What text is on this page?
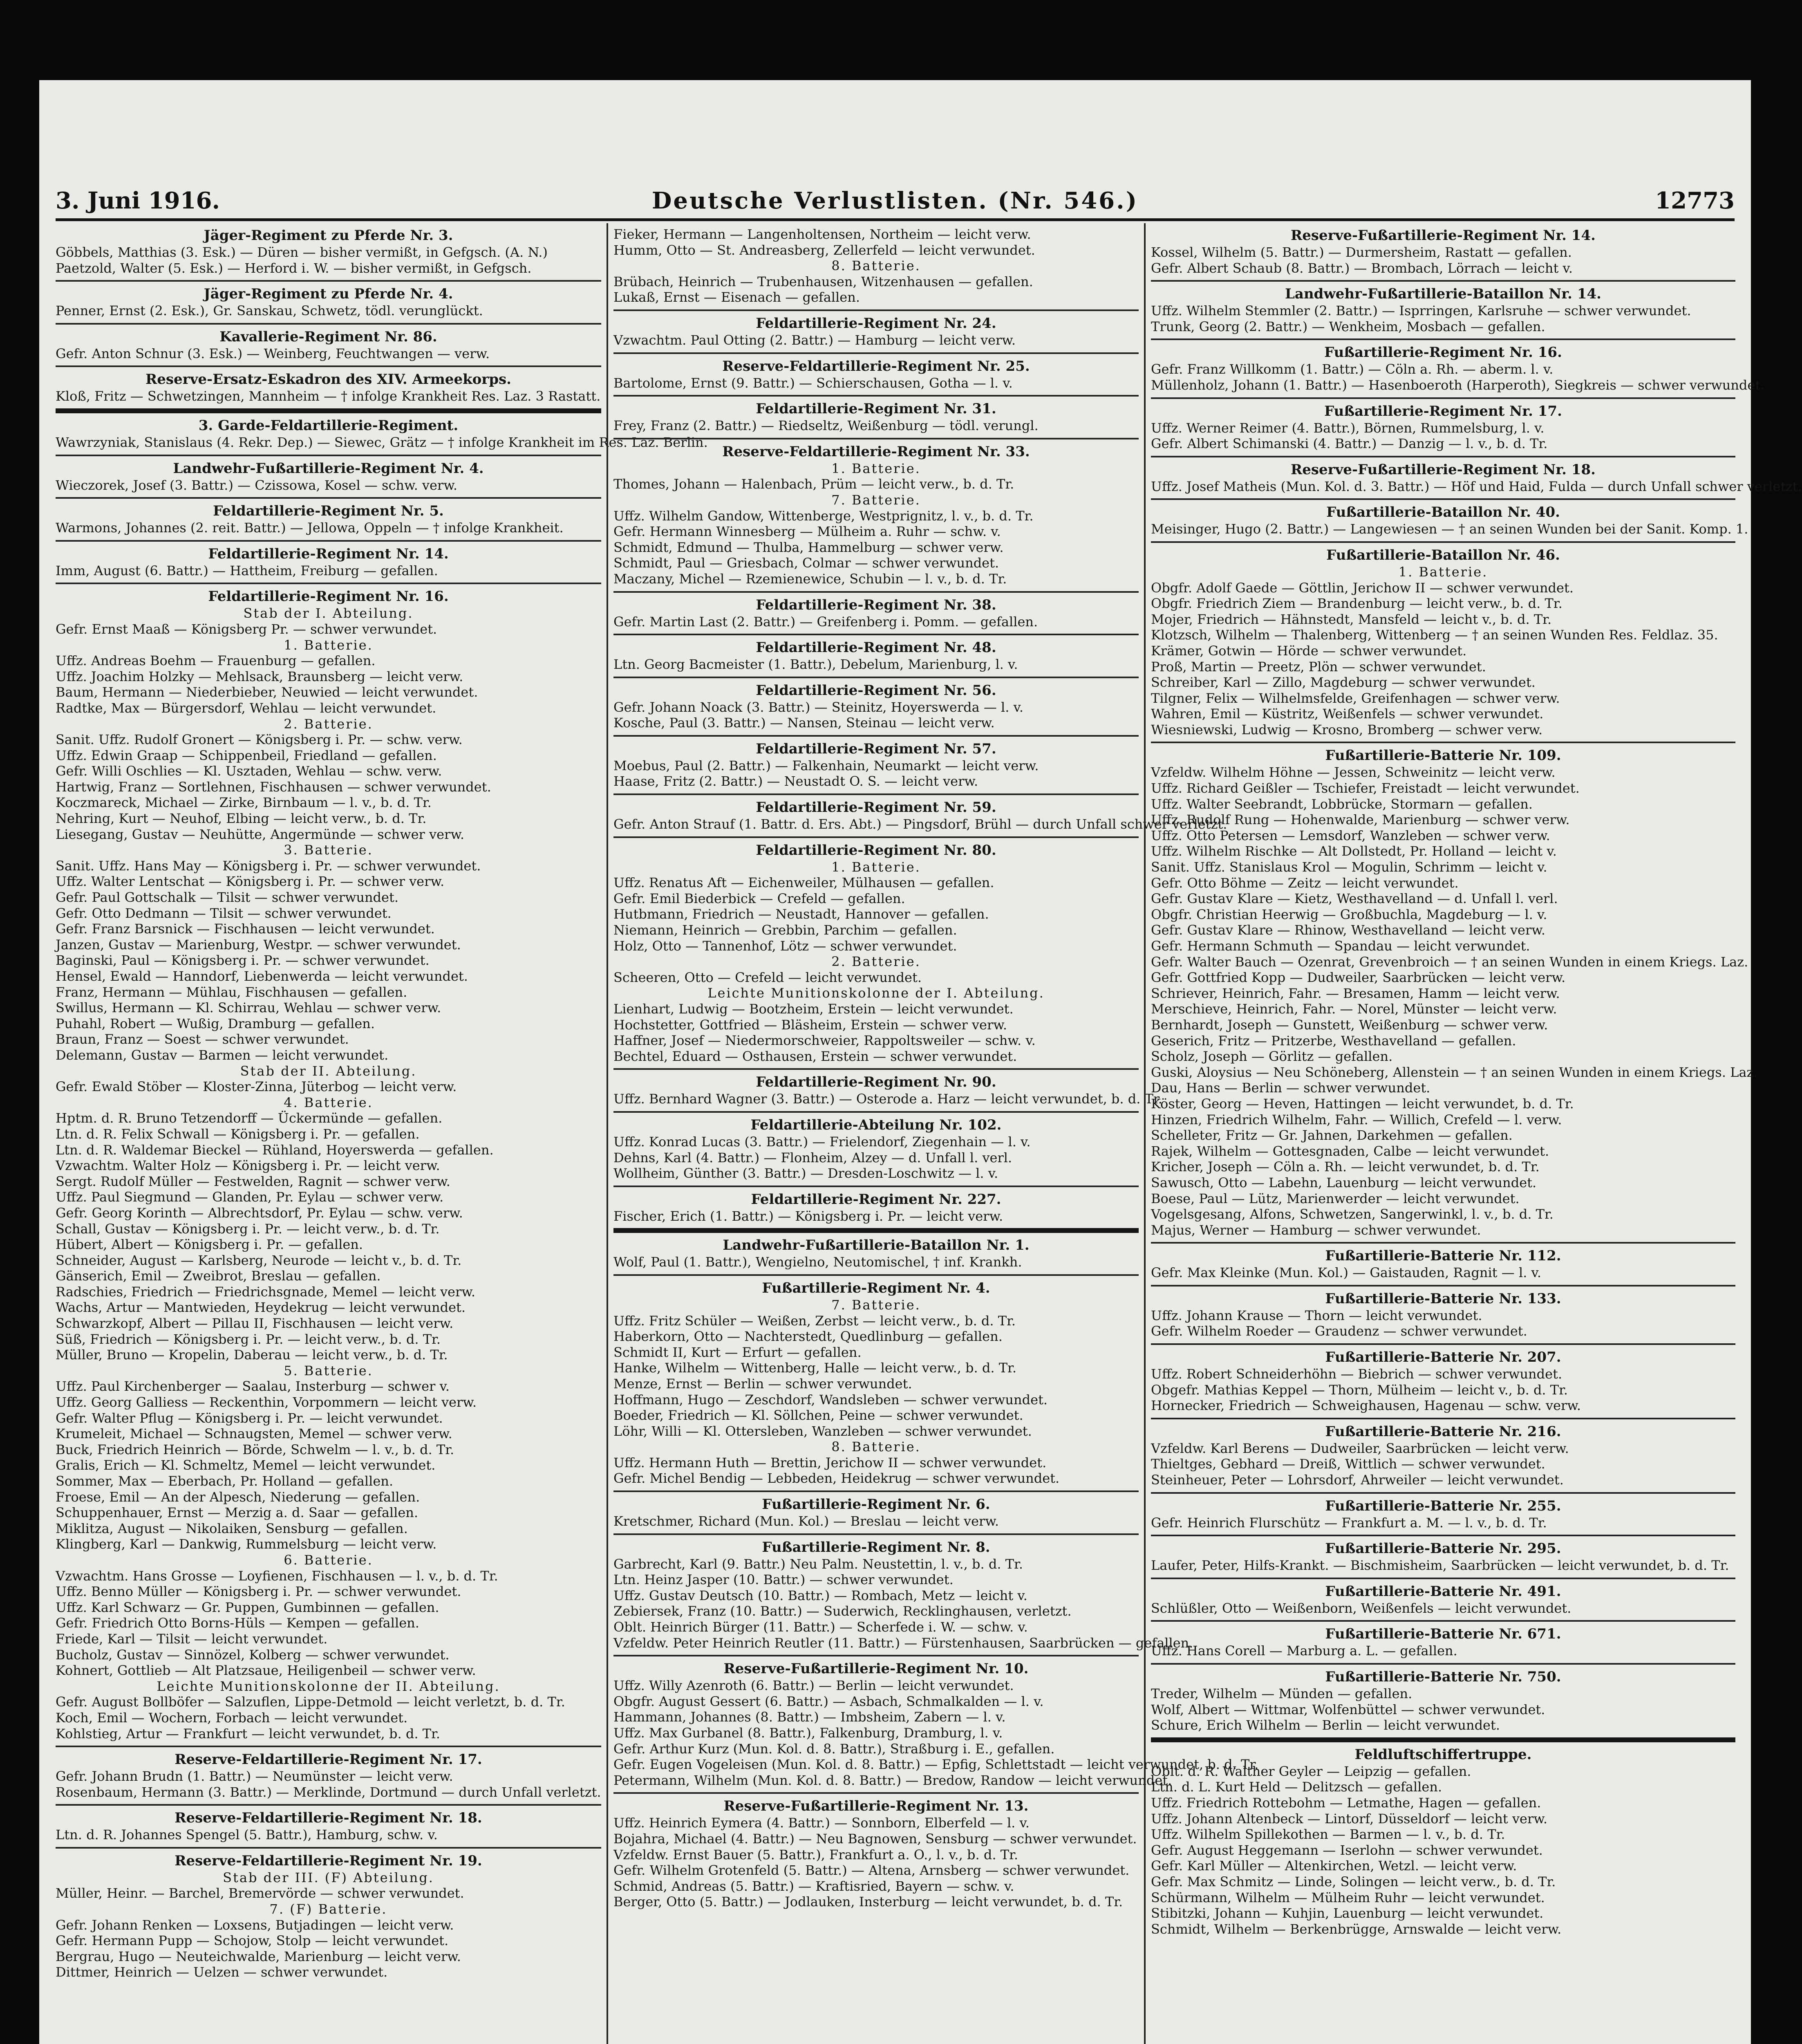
3. Juni 1916.	Deutsche Verlustlisten. (Nr. 546.)	12773
Jäger-Regiment zu Pferde Nr. 3.
Göbbels, Matthias (3. Esk.) — Düren — bisher vermißt, in Gefgsch. (A. N.)
Paetzold, Walter (5. Esk.) — Herford i. W. — bisher vermißt, in Gefgsch.
Jäger-Regiment zu Pferde Nr. 4.
Penner, Ernst (2. Esk.), Gr. Sanskau, Schwetz, tödl. verunglückt.
Kavallerie-Regiment Nr. 86.
Gefr. Anton Schnur (3. Esk.) — Weinberg, Feuchtwangen — verw.
Reserve-Ersatz-Eskadron des XIV. Armeekorps.
Kloß, Fritz — Schwetzingen, Mannheim — † infolge Krankheit Res. Laz. 3 Rastatt.
3. Garde-Feldartillerie-Regiment.
Wawrzyniak, Stanislaus (4. Rekr. Dep.) — Siewec, Grätz — † infolge Krankheit im Res. Laz. Berlin.
Landwehr-Fußartillerie-Regiment Nr. 4.
Wieczorek, Josef (3. Battr.) — Czissowa, Kosel — schw. verw.
Feldartillerie-Regiment Nr. 5.
Warmons, Johannes (2. reit. Battr.) — Jellowa, Oppeln — † infolge Krankheit.
Feldartillerie-Regiment Nr. 14.
Imm, August (6. Battr.) — Hattheim, Freiburg — gefallen.
Feldartillerie-Regiment Nr. 16.
Stab der I. Abteilung.
Gefr. Ernst Maaß — Königsberg Pr. — schwer verwundet.
1. Batterie.
Uffz. Andreas Boehm — Frauenburg — gefallen.
Uffz. Joachim Holzky — Mehlsack, Braunsberg — leicht verw.
Baum, Hermann — Niederbieber, Neuwied — leicht verwundet.
Radtke, Max — Bürgersdorf, Wehlau — leicht verwundet.
2. Batterie.
Sanit. Uffz. Rudolf Gronert — Königsberg i. Pr. — schw. verw.
Uffz. Edwin Graap — Schippenbeil, Friedland — gefallen.
Gefr. Willi Oschlies — Kl. Usztaden, Wehlau — schw. verw.
Hartwig, Franz — Sortlehnen, Fischhausen — schwer verwundet.
Koczmareck, Michael — Zirke, Birnbaum — l. v., b. d. Tr.
Nehring, Kurt — Neuhof, Elbing — leicht verw., b. d. Tr.
Liesegang, Gustav — Neuhütte, Angermünde — schwer verw.
3. Batterie.
Sanit. Uffz. Hans May — Königsberg i. Pr. — schwer verwundet.
Uffz. Walter Lentschat — Königsberg i. Pr. — schwer verw.
Gefr. Paul Gottschalk — Tilsit — schwer verwundet.
Gefr. Otto Dedmann — Tilsit — schwer verwundet.
Gefr. Franz Barsnick — Fischhausen — leicht verwundet.
Janzen, Gustav — Marienburg, Westpr. — schwer verwundet.
Baginski, Paul — Königsberg i. Pr. — schwer verwundet.
Hensel, Ewald — Hanndorf, Liebenwerda — leicht verwundet.
Franz, Hermann — Mühlau, Fischhausen — gefallen.
Swillus, Hermann — Kl. Schirrau, Wehlau — schwer verw.
Puhahl, Robert — Wußig, Dramburg — gefallen.
Braun, Franz — Soest — schwer verwundet.
Delemann, Gustav — Barmen — leicht verwundet.
Stab der II. Abteilung.
Gefr. Ewald Stöber — Kloster-Zinna, Jüterbog — leicht verw.
4. Batterie.
Hptm. d. R. Bruno Tetzendorff — Ückermünde — gefallen.
Ltn. d. R. Felix Schwall — Königsberg i. Pr. — gefallen.
Ltn. d. R. Waldemar Bieckel — Rühland, Hoyerswerda — gefallen.
Vzwachtm. Walter Holz — Königsberg i. Pr. — leicht verw.
Sergt. Rudolf Müller — Festwelden, Ragnit — schwer verw.
Uffz. Paul Siegmund — Glanden, Pr. Eylau — schwer verw.
Gefr. Georg Korinth — Albrechtsdorf, Pr. Eylau — schw. verw.
Schall, Gustav — Königsberg i. Pr. — leicht verw., b. d. Tr.
Hübert, Albert — Königsberg i. Pr. — gefallen.
Schneider, August — Karlsberg, Neurode — leicht v., b. d. Tr.
Gänserich, Emil — Zweibrot, Breslau — gefallen.
Radschies, Friedrich — Friedrichsgnade, Memel — leicht verw.
Wachs, Artur — Mantwieden, Heydekrug — leicht verwundet.
Schwarzkopf, Albert — Pillau II, Fischhausen — leicht verw.
Süß, Friedrich — Königsberg i. Pr. — leicht verw., b. d. Tr.
Müller, Bruno — Kropelin, Daberau — leicht verw., b. d. Tr.
5. Batterie.
Uffz. Paul Kirchenberger — Saalau, Insterburg — schwer v.
Uffz. Georg Galliess — Reckenthin, Vorpommern — leicht verw.
Gefr. Walter Pflug — Königsberg i. Pr. — leicht verwundet.
Krumeleit, Michael — Schnaugsten, Memel — schwer verw.
Buck, Friedrich Heinrich — Börde, Schwelm — l. v., b. d. Tr.
Gralis, Erich — Kl. Schmeltz, Memel — leicht verwundet.
Sommer, Max — Eberbach, Pr. Holland — gefallen.
Froese, Emil — An der Alpesch, Niederung — gefallen.
Schuppenhauer, Ernst — Merzig a. d. Saar — gefallen.
Miklitza, August — Nikolaiken, Sensburg — gefallen.
Klingberg, Karl — Dankwig, Rummelsburg — leicht verw.
6. Batterie.
Vzwachtm. Hans Grosse — Loyfienen, Fischhausen — l. v., b. d. Tr.
Uffz. Benno Müller — Königsberg i. Pr. — schwer verwundet.
Uffz. Karl Schwarz — Gr. Puppen, Gumbinnen — gefallen.
Gefr. Friedrich Otto Borns-Hüls — Kempen — gefallen.
Friede, Karl — Tilsit — leicht verwundet.
Bucholz, Gustav — Sinnözel, Kolberg — schwer verwundet.
Kohnert, Gottlieb — Alt Platzsaue, Heiligenbeil — schwer verw.
Leichte Munitionskolonne der II. Abteilung.
Gefr. August Bollböfer — Salzuflen, Lippe-Detmold — leicht verletzt, b. d. Tr.
Koch, Emil — Wochern, Forbach — leicht verwundet.
Kohlstieg, Artur — Frankfurt — leicht verwundet, b. d. Tr.
Reserve-Feldartillerie-Regiment Nr. 17.
Gefr. Johann Brudn (1. Battr.) — Neumünster — leicht verw.
Rosenbaum, Hermann (3. Battr.) — Merklinde, Dortmund — durch Unfall verletzt.
Reserve-Feldartillerie-Regiment Nr. 18.
Ltn. d. R. Johannes Spengel (5. Battr.), Hamburg, schw. v.
Reserve-Feldartillerie-Regiment Nr. 19.
Stab der III. (F) Abteilung.
Müller, Heinr. — Barchel, Bremervörde — schwer verwundet.
7. (F) Batterie.
Gefr. Johann Renken — Loxsens, Butjadingen — leicht verw.
Gefr. Hermann Pupp — Schojow, Stolp — leicht verwundet.
Bergrau, Hugo — Neuteichwalde, Marienburg — leicht verw.
Dittmer, Heinrich — Uelzen — schwer verwundet.
Fieker, Hermann — Langenholtensen, Northeim — leicht verw.
Humm, Otto — St. Andreasberg, Zellerfeld — leicht verwundet.
8. Batterie.
Brübach, Heinrich — Trubenhausen, Witzenhausen — gefallen.
Lukaß, Ernst — Eisenach — gefallen.
Feldartillerie-Regiment Nr. 24.
Vzwachtm. Paul Otting (2. Battr.) — Hamburg — leicht verw.
Reserve-Feldartillerie-Regiment Nr. 25.
Bartolome, Ernst (9. Battr.) — Schierschausen, Gotha — l. v.
Feldartillerie-Regiment Nr. 31.
Frey, Franz (2. Battr.) — Riedseltz, Weißenburg — tödl. verungl.
Reserve-Feldartillerie-Regiment Nr. 33.
1. Batterie.
Thomes, Johann — Halenbach, Prüm — leicht verw., b. d. Tr.
7. Batterie.
Uffz. Wilhelm Gandow, Wittenberge, Westprignitz, l. v., b. d. Tr.
Gefr. Hermann Winnesberg — Mülheim a. Ruhr — schw. v.
Schmidt, Edmund — Thulba, Hammelburg — schwer verw.
Schmidt, Paul — Griesbach, Colmar — schwer verwundet.
Maczany, Michel — Rzemienewice, Schubin — l. v., b. d. Tr.
Feldartillerie-Regiment Nr. 38.
Gefr. Martin Last (2. Battr.) — Greifenberg i. Pomm. — gefallen.
Feldartillerie-Regiment Nr. 48.
Ltn. Georg Bacmeister (1. Battr.), Debelum, Marienburg, l. v.
Feldartillerie-Regiment Nr. 56.
Gefr. Johann Noack (3. Battr.) — Steinitz, Hoyerswerda — l. v.
Kosche, Paul (3. Battr.) — Nansen, Steinau — leicht verw.
Feldartillerie-Regiment Nr. 57.
Moebus, Paul (2. Battr.) — Falkenhain, Neumarkt — leicht verw.
Haase, Fritz (2. Battr.) — Neustadt O. S. — leicht verw.
Feldartillerie-Regiment Nr. 59.
Gefr. Anton Strauf (1. Battr. d. Ers. Abt.) — Pingsdorf, Brühl — durch Unfall schwer verletzt.
Feldartillerie-Regiment Nr. 80.
1. Batterie.
Uffz. Renatus Aft — Eichenweiler, Mülhausen — gefallen.
Gefr. Emil Biederbick — Crefeld — gefallen.
Hutbmann, Friedrich — Neustadt, Hannover — gefallen.
Niemann, Heinrich — Grebbin, Parchim — gefallen.
Holz, Otto — Tannenhof, Lötz — schwer verwundet.
2. Batterie.
Scheeren, Otto — Crefeld — leicht verwundet.
Leichte Munitionskolonne der I. Abteilung.
Lienhart, Ludwig — Bootzheim, Erstein — leicht verwundet.
Hochstetter, Gottfried — Bläsheim, Erstein — schwer verw.
Haffner, Josef — Niedermorschweier, Rappoltsweiler — schw. v.
Bechtel, Eduard — Osthausen, Erstein — schwer verwundet.
Feldartillerie-Regiment Nr. 90.
Uffz. Bernhard Wagner (3. Battr.) — Osterode a. Harz — leicht verwundet, b. d. Tr.
Feldartillerie-Abteilung Nr. 102.
Uffz. Konrad Lucas (3. Battr.) — Frielendorf, Ziegenhain — l. v.
Dehns, Karl (4. Battr.) — Flonheim, Alzey — d. Unfall l. verl.
Wollheim, Günther (3. Battr.) — Dresden-Loschwitz — l. v.
Feldartillerie-Regiment Nr. 227.
Fischer, Erich (1. Battr.) — Königsberg i. Pr. — leicht verw.
Landwehr-Fußartillerie-Bataillon Nr. 1.
Wolf, Paul (1. Battr.), Wengielno, Neutomischel, † inf. Krankh.
Fußartillerie-Regiment Nr. 4.
7. Batterie.
Uffz. Fritz Schüler — Weißen, Zerbst — leicht verw., b. d. Tr.
Haberkorn, Otto — Nachterstedt, Quedlinburg — gefallen.
Schmidt II, Kurt — Erfurt — gefallen.
Hanke, Wilhelm — Wittenberg, Halle — leicht verw., b. d. Tr.
Menze, Ernst — Berlin — schwer verwundet.
Hoffmann, Hugo — Zeschdorf, Wandsleben — schwer verwundet.
Boeder, Friedrich — Kl. Söllchen, Peine — schwer verwundet.
Löhr, Willi — Kl. Ottersleben, Wanzleben — schwer verwundet.
8. Batterie.
Uffz. Hermann Huth — Brettin, Jerichow II — schwer verwundet.
Gefr. Michel Bendig — Lebbeden, Heidekrug — schwer verwundet.
Fußartillerie-Regiment Nr. 6.
Kretschmer, Richard (Mun. Kol.) — Breslau — leicht verw.
Fußartillerie-Regiment Nr. 8.
Garbrecht, Karl (9. Battr.) Neu Palm. Neustettin, l. v., b. d. Tr.
Ltn. Heinz Jasper (10. Battr.) — schwer verwundet.
Uffz. Gustav Deutsch (10. Battr.) — Rombach, Metz — leicht v.
Zebiersek, Franz (10. Battr.) — Suderwich, Recklinghausen, verletzt.
Oblt. Heinrich Bürger (11. Battr.) — Scherfede i. W. — schw. v.
Vzfeldw. Peter Heinrich Reutler (11. Battr.) — Fürstenhausen, Saarbrücken — gefallen.
Reserve-Fußartillerie-Regiment Nr. 10.
Uffz. Willy Azenroth (6. Battr.) — Berlin — leicht verwundet.
Obgfr. August Gessert (6. Battr.) — Asbach, Schmalkalden — l. v.
Hammann, Johannes (8. Battr.) — Imbsheim, Zabern — l. v.
Uffz. Max Gurbanel (8. Battr.), Falkenburg, Dramburg, l. v.
Gefr. Arthur Kurz (Mun. Kol. d. 8. Battr.), Straßburg i. E., gefallen.
Gefr. Eugen Vogeleisen (Mun. Kol. d. 8. Battr.) — Epfig, Schlettstadt — leicht verwundet, b. d. Tr.
Petermann, Wilhelm (Mun. Kol. d. 8. Battr.) — Bredow, Randow — leicht verwundet.
Reserve-Fußartillerie-Regiment Nr. 13.
Uffz. Heinrich Eymera (4. Battr.) — Sonnborn, Elberfeld — l. v.
Bojahra, Michael (4. Battr.) — Neu Bagnowen, Sensburg — schwer verwundet.
Vzfeldw. Ernst Bauer (5. Battr.), Frankfurt a. O., l. v., b. d. Tr.
Gefr. Wilhelm Grotenfeld (5. Battr.) — Altena, Arnsberg — schwer verwundet.
Schmid, Andreas (5. Battr.) — Kraftisried, Bayern — schw. v.
Berger, Otto (5. Battr.) — Jodlauken, Insterburg — leicht verwundet, b. d. Tr.
Reserve-Fußartillerie-Regiment Nr. 14.
Kossel, Wilhelm (5. Battr.) — Durmersheim, Rastatt — gefallen.
Gefr. Albert Schaub (8. Battr.) — Brombach, Lörrach — leicht v.
Landwehr-Fußartillerie-Bataillon Nr. 14.
Uffz. Wilhelm Stemmler (2. Battr.) — Isprringen, Karlsruhe — schwer verwundet.
Trunk, Georg (2. Battr.) — Wenkheim, Mosbach — gefallen.
Fußartillerie-Regiment Nr. 16.
Gefr. Franz Willkomm (1. Battr.) — Cöln a. Rh. — aberm. l. v.
Müllenholz, Johann (1. Battr.) — Hasenboeroth (Harperoth), Siegkreis — schwer verwundet.
Fußartillerie-Regiment Nr. 17.
Uffz. Werner Reimer (4. Battr.), Börnen, Rummelsburg, l. v.
Gefr. Albert Schimanski (4. Battr.) — Danzig — l. v., b. d. Tr.
Reserve-Fußartillerie-Regiment Nr. 18.
Uffz. Josef Matheis (Mun. Kol. d. 3. Battr.) — Höf und Haid, Fulda — durch Unfall schwer verletzt.
Fußartillerie-Bataillon Nr. 40.
Meisinger, Hugo (2. Battr.) — Langewiesen — † an seinen Wunden bei der Sanit. Komp. 1.
Fußartillerie-Bataillon Nr. 46.
1. Batterie.
Obgfr. Adolf Gaede — Göttlin, Jerichow II — schwer verwundet.
Obgfr. Friedrich Ziem — Brandenburg — leicht verw., b. d. Tr.
Mojer, Friedrich — Hähnstedt, Mansfeld — leicht v., b. d. Tr.
Klotzsch, Wilhelm — Thalenberg, Wittenberg — † an seinen Wunden Res. Feldlaz. 35.
Krämer, Gotwin — Hörde — schwer verwundet.
Proß, Martin — Preetz, Plön — schwer verwundet.
Schreiber, Karl — Zillo, Magdeburg — schwer verwundet.
Tilgner, Felix — Wilhelmsfelde, Greifenhagen — schwer verw.
Wahren, Emil — Küstritz, Weißenfels — schwer verwundet.
Wiesniewski, Ludwig — Krosno, Bromberg — schwer verw.
Fußartillerie-Batterie Nr. 109.
Vzfeldw. Wilhelm Höhne — Jessen, Schweinitz — leicht verw.
Uffz. Richard Geißler — Tschiefer, Freistadt — leicht verwundet.
Uffz. Walter Seebrandt, Lobbrücke, Stormarn — gefallen.
Uffz. Rudolf Rung — Hohenwalde, Marienburg — schwer verw.
Uffz. Otto Petersen — Lemsdorf, Wanzleben — schwer verw.
Uffz. Wilhelm Rischke — Alt Dollstedt, Pr. Holland — leicht v.
Sanit. Uffz. Stanislaus Krol — Mogulin, Schrimm — leicht v.
Gefr. Otto Böhme — Zeitz — leicht verwundet.
Gefr. Gustav Klare — Kietz, Westhavelland — d. Unfall l. verl.
Obgfr. Christian Heerwig — Großbuchla, Magdeburg — l. v.
Gefr. Gustav Klare — Rhinow, Westhavelland — leicht verw.
Gefr. Hermann Schmuth — Spandau — leicht verwundet.
Gefr. Walter Bauch — Ozenrat, Grevenbroich — † an seinen Wunden in einem Kriegs. Laz.
Gefr. Gottfried Kopp — Dudweiler, Saarbrücken — leicht verw.
Schriever, Heinrich, Fahr. — Bresamen, Hamm — leicht verw.
Merschieve, Heinrich, Fahr. — Norel, Münster — leicht verw.
Bernhardt, Joseph — Gunstett, Weißenburg — schwer verw.
Geserich, Fritz — Pritzerbe, Westhavelland — gefallen.
Scholz, Joseph — Görlitz — gefallen.
Guski, Aloysius — Neu Schöneberg, Allenstein — † an seinen Wunden in einem Kriegs. Laz.
Dau, Hans — Berlin — schwer verwundet.
Köster, Georg — Heven, Hattingen — leicht verwundet, b. d. Tr.
Hinzen, Friedrich Wilhelm, Fahr. — Willich, Crefeld — l. verw.
Schelleter, Fritz — Gr. Jahnen, Darkehmen — gefallen.
Rajek, Wilhelm — Gottesgnaden, Calbe — leicht verwundet.
Kricher, Joseph — Cöln a. Rh. — leicht verwundet, b. d. Tr.
Sawusch, Otto — Labehn, Lauenburg — leicht verwundet.
Boese, Paul — Lütz, Marienwerder — leicht verwundet.
Vogelsgesang, Alfons, Schwetzen, Sangerwinkl, l. v., b. d. Tr.
Majus, Werner — Hamburg — schwer verwundet.
Fußartillerie-Batterie Nr. 112.
Gefr. Max Kleinke (Mun. Kol.) — Gaistauden, Ragnit — l. v.
Fußartillerie-Batterie Nr. 133.
Uffz. Johann Krause — Thorn — leicht verwundet.
Gefr. Wilhelm Roeder — Graudenz — schwer verwundet.
Fußartillerie-Batterie Nr. 207.
Uffz. Robert Schneiderhöhn — Biebrich — schwer verwundet.
Obgefr. Mathias Keppel — Thorn, Mülheim — leicht v., b. d. Tr.
Hornecker, Friedrich — Schweighausen, Hagenau — schw. verw.
Fußartillerie-Batterie Nr. 216.
Vzfeldw. Karl Berens — Dudweiler, Saarbrücken — leicht verw.
Thieltges, Gebhard — Dreiß, Wittlich — schwer verwundet.
Steinheuer, Peter — Lohrsdorf, Ahrweiler — leicht verwundet.
Fußartillerie-Batterie Nr. 255.
Gefr. Heinrich Flurschütz — Frankfurt a. M. — l. v., b. d. Tr.
Fußartillerie-Batterie Nr. 295.
Laufer, Peter, Hilfs-Krankt. — Bischmisheim, Saarbrücken — leicht verwundet, b. d. Tr.
Fußartillerie-Batterie Nr. 491.
Schlüßler, Otto — Weißenborn, Weißenfels — leicht verwundet.
Fußartillerie-Batterie Nr. 671.
Uffz. Hans Corell — Marburg a. L. — gefallen.
Fußartillerie-Batterie Nr. 750.
Treder, Wilhelm — Münden — gefallen.
Wolf, Albert — Wittmar, Wolfenbüttel — schwer verwundet.
Schure, Erich Wilhelm — Berlin — leicht verwundet.
Feldluftschiffertruppe.
Oblt. d. R. Walther Geyler — Leipzig — gefallen.
Ltn. d. L. Kurt Held — Delitzsch — gefallen.
Uffz. Friedrich Rottebohm — Letmathe, Hagen — gefallen.
Uffz. Johann Altenbeck — Lintorf, Düsseldorf — leicht verw.
Uffz. Wilhelm Spillekothen — Barmen — l. v., b. d. Tr.
Gefr. August Heggemann — Iserlohn — schwer verwundet.
Gefr. Karl Müller — Altenkirchen, Wetzl. — leicht verw.
Gefr. Max Schmitz — Linde, Solingen — leicht verw., b. d. Tr.
Schürmann, Wilhelm — Mülheim Ruhr — leicht verwundet.
Stibitzki, Johann — Kuhjin, Lauenburg — leicht verwundet.
Schmidt, Wilhelm — Berkenbrügge, Arnswalde — leicht verw.
